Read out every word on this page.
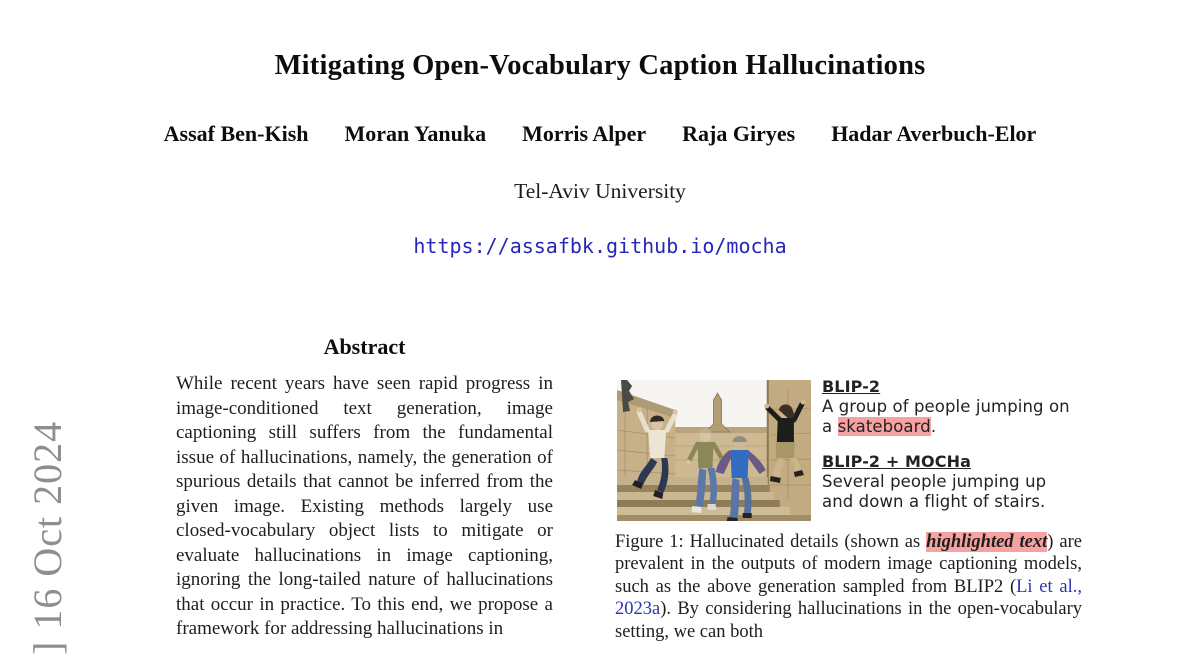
] 16 Oct 2024
Mitigating Open-Vocabulary Caption Hallucinations
Assaf Ben-Kish Moran Yanuka Morris Alper Raja Giryes Hadar Averbuch-Elor
Tel-Aviv University
https://assafbk.github.io/mocha
Abstract
While recent years have seen rapid progress in image-conditioned text generation, image captioning still suffers from the fundamental issue of hallucinations, namely, the generation of spurious details that cannot be inferred from the given image. Existing methods largely use closed-vocabulary object lists to mitigate or evaluate hallucinations in image captioning, ignoring the long-tailed nature of hallucinations that occur in practice. To this end, we propose a framework for addressing hallucinations in
BLIP-2
A group of people jumping on a skateboard.
BLIP-2 + MOCHa
Several people jumping up and down a flight of stairs.
Figure 1: Hallucinated details (shown as highlighted text) are prevalent in the outputs of modern image captioning models, such as the above generation sampled from BLIP2 (Li et al., 2023a). By considering hallucinations in the open-vocabulary setting, we can both
